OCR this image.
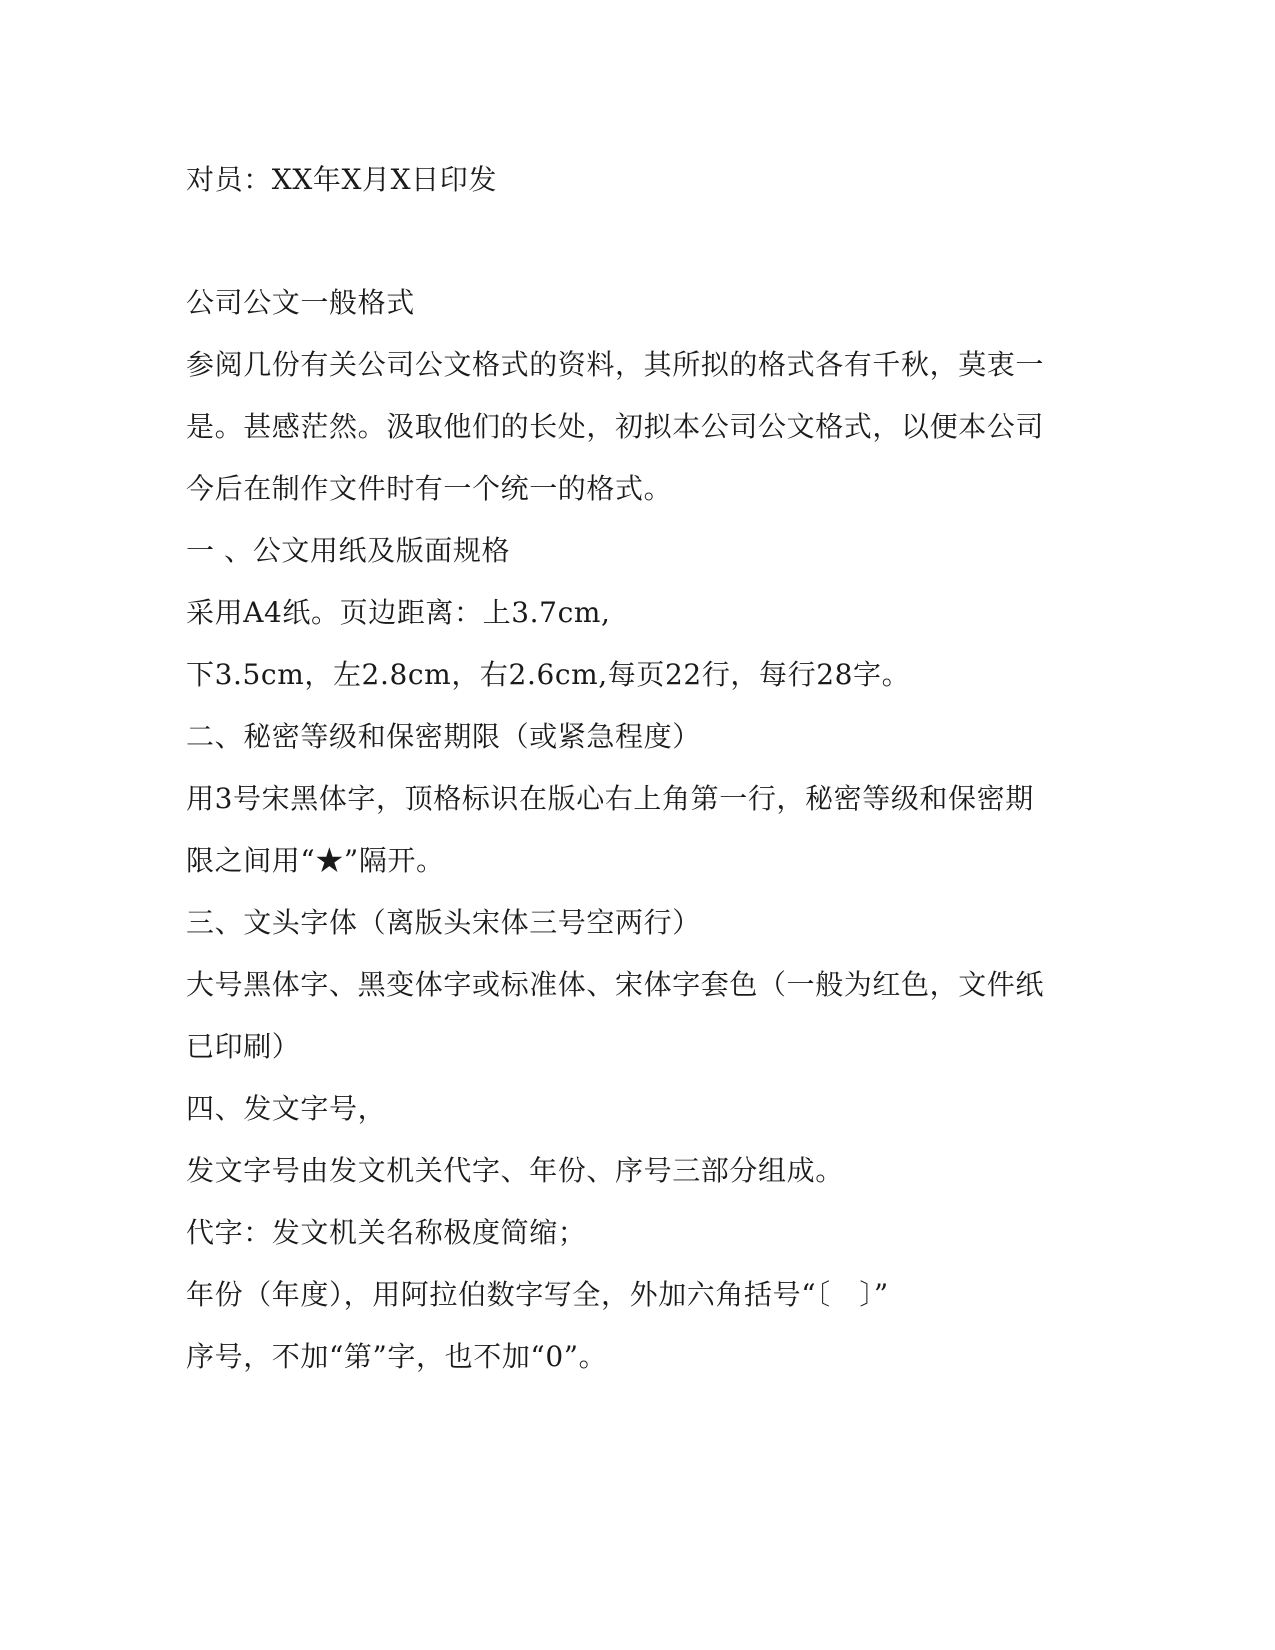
对员：XX年X月X日印发
公司公文一般格式
参阅几份有关公司公文格式的资料，其所拟的格式各有千秋，莫衷一
是。甚感茫然。汲取他们的长处，初拟本公司公文格式，以便本公司
今后在制作文件时有一个统一的格式。
一 、公文用纸及版面规格
采用A4纸。页边距离：上3.7cm,
下3.5cm，左2.8cm，右2.6cm,每页22行，每行28字。
二、秘密等级和保密期限（或紧急程度）
用3号宋黑体字，顶格标识在版心右上角第一行，秘密等级和保密期
限之间用“★”隔开。
三、文头字体（离版头宋体三号空两行）
大号黑体字、黑变体字或标准体、宋体字套色（一般为红色，文件纸
已印刷）
四、发文字号，
发文字号由发文机关代字、年份、序号三部分组成。
代字：发文机关名称极度简缩；
年份（年度），用阿拉伯数字写全，外加六角括号“〔　〕”
序号，不加“第”字，也不加“0”。
